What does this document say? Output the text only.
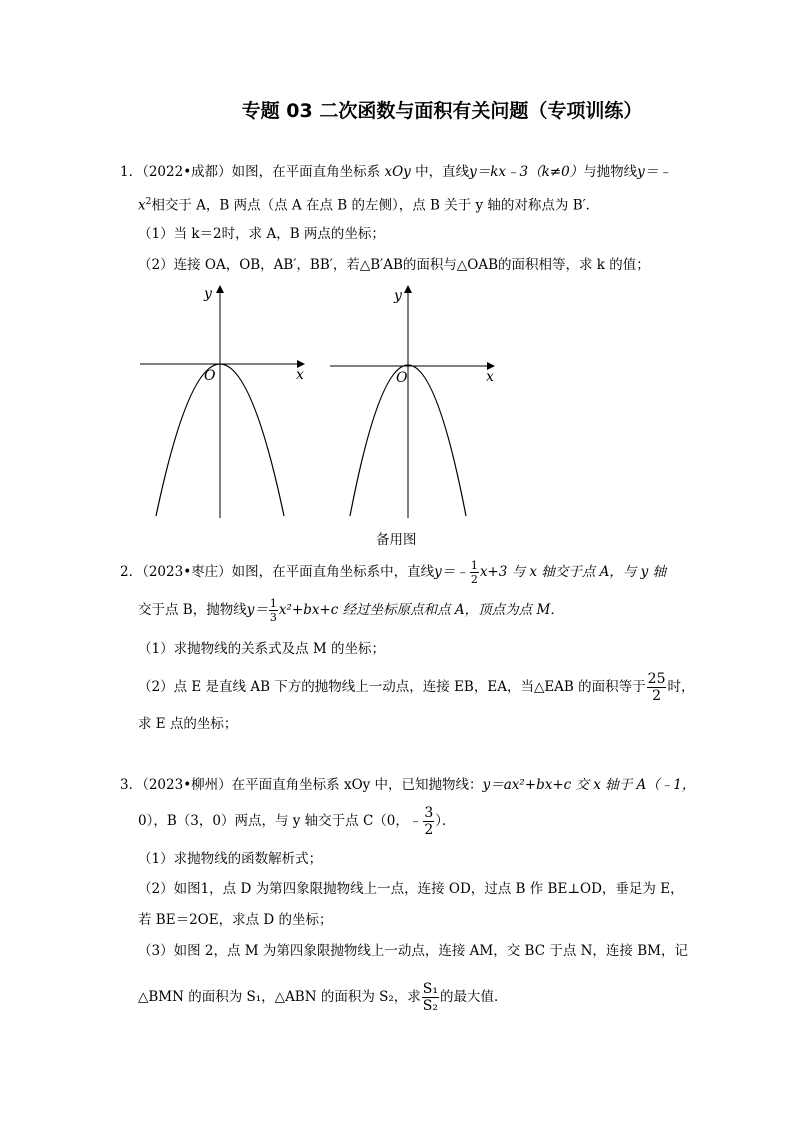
专题 03 二次函数与面积有关问题（专项训练）
1．（2022•成都）如图，在平面直角坐标系 xOy 中，直线y＝kx﹣3（k≠0）与抛物线y＝﹣
$x^2$相交于 A，B 两点（点 A 在点 B 的左侧），点 B 关于 y 轴的对称点为 B′．
（1）当 k＝2时，求 A，B 两点的坐标；
（2）连接 OA，OB，AB′，BB′，若△B′AB的面积与△OAB的面积相等，求 k 的值；
y
x
O
y
x
O
备用图
2．（2023•枣庄）如图，在平面直角坐标系中，直线y＝﹣ $\frac{1}{2} x+3$ 与 x 轴交于点 A，与 y 轴
交于点 B，抛物线$y= \frac{1}{3} x^2+bx+c$ 经过坐标原点和点 A，顶点为点 M．
（1）求抛物线的关系式及点 M 的坐标；
（2）点 E 是直线 AB 下方的抛物线上一动点，连接 EB，EA，当△EAB 的面积等于 $\frac{25}{2}$ 时，
求 E 点的坐标；
3．（2023•柳州）在平面直角坐标系 xOy 中，已知抛物线：y＝ax²+bx+c 交 x 轴于 A（﹣1，
0），B（3，0）两点，与 y 轴交于点 C（0，﹣ $\frac{3}{2}$ ）．
（1）求抛物线的函数解析式；
（2）如图1，点 D 为第四象限抛物线上一点，连接 OD，过点 B 作 BE⊥OD，垂足为 E，
若 BE＝2OE，求点 D 的坐标；
（3）如图 2，点 M 为第四象限抛物线上一动点，连接 AM，交 BC 于点 N，连接 BM，记
△BMN 的面积为 S₁，△ABN 的面积为 S₂，求 $\frac{\text{S₁}}{\text{S₂}}$ 的最大值．
